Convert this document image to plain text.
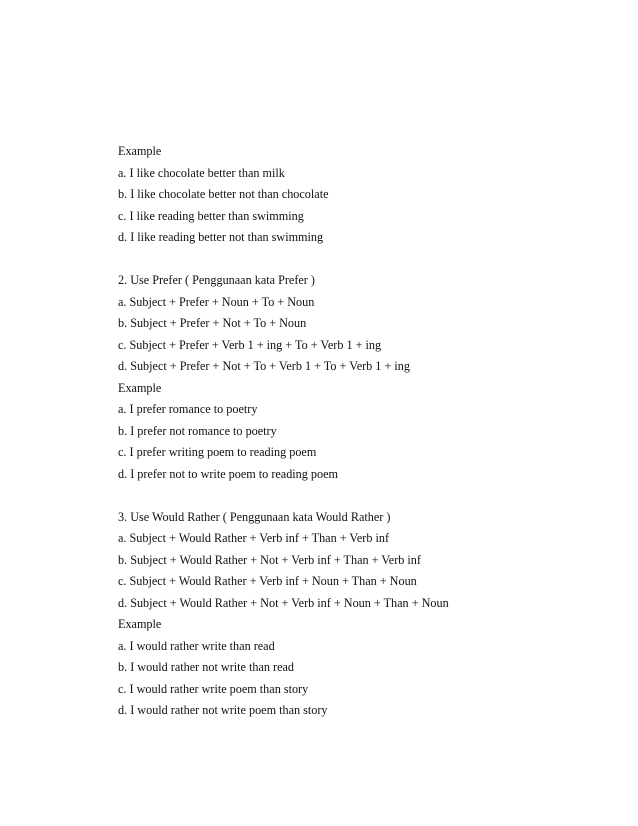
Example
a. I like chocolate better than milk
b. I like chocolate better not than chocolate
c. I like reading better than swimming
d. I like reading better not than swimming
2. Use Prefer ( Penggunaan kata Prefer )
a. Subject + Prefer + Noun + To + Noun
b. Subject + Prefer + Not + To + Noun
c. Subject + Prefer + Verb 1 + ing + To + Verb 1 + ing
d. Subject + Prefer + Not + To + Verb 1 + To + Verb 1 + ing
Example
a. I prefer romance to poetry
b. I prefer not romance to poetry
c. I prefer writing poem to reading poem
d. I prefer not to write poem to reading poem
3. Use Would Rather ( Penggunaan kata Would Rather )
a. Subject + Would Rather + Verb inf + Than + Verb inf
b. Subject + Would Rather + Not + Verb inf + Than + Verb inf
c. Subject + Would Rather + Verb inf + Noun + Than + Noun
d. Subject + Would Rather + Not + Verb inf + Noun + Than + Noun
Example
a. I would rather write than read
b. I would rather not write than read
c. I would rather write poem than story
d. I would rather not write poem than story
